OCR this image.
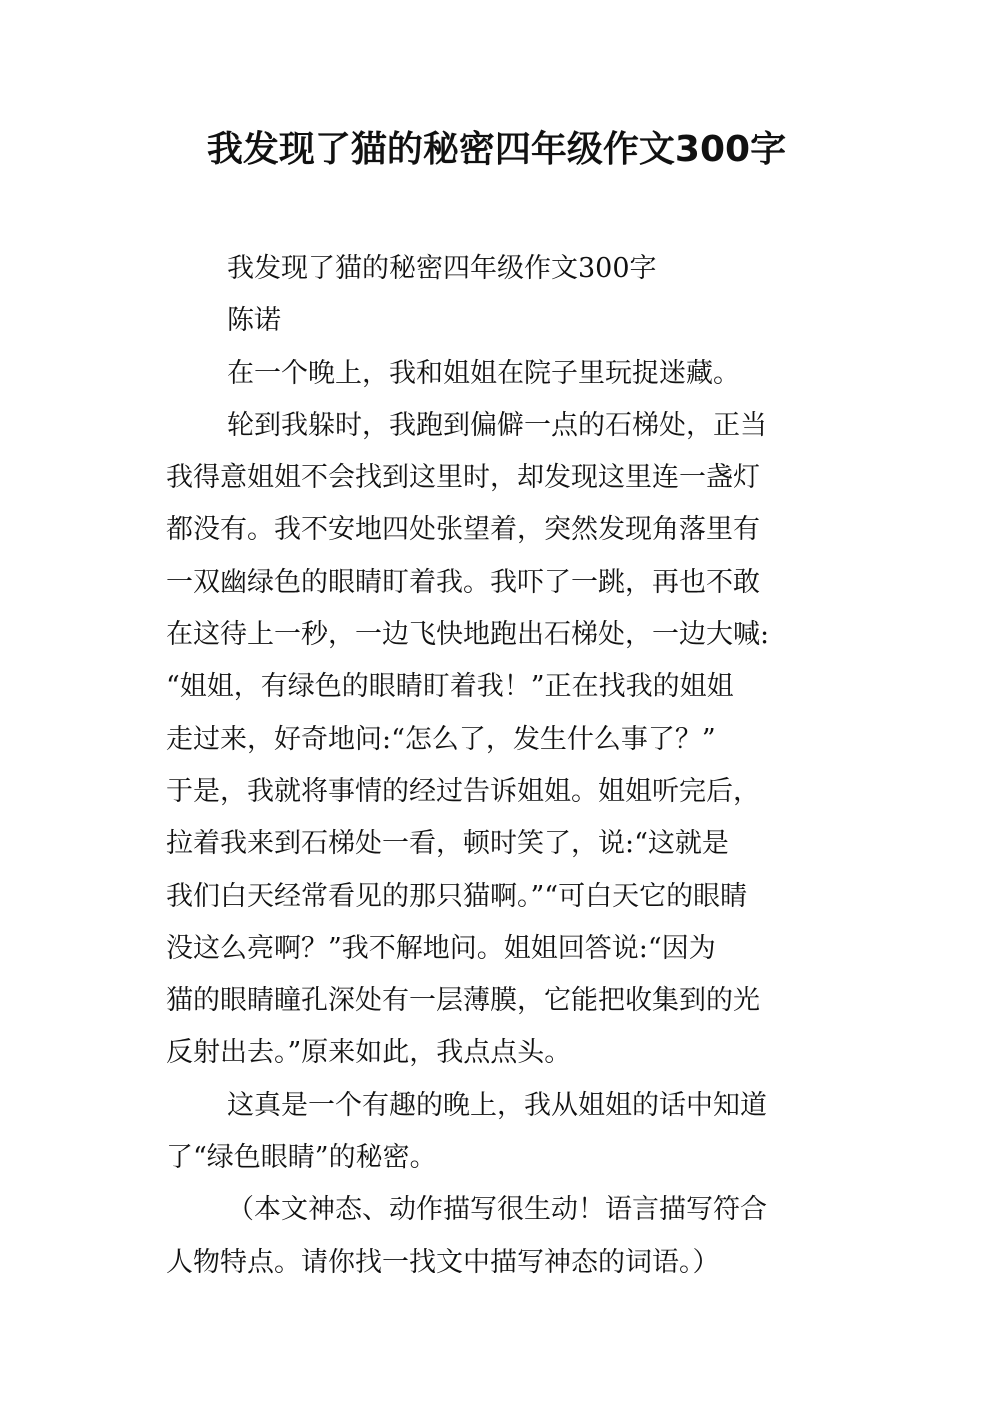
我发现了猫的秘密四年级作文300字

我发现了猫的秘密四年级作文300字

陈诺

在一个晚上，我和姐姐在院子里玩捉迷藏。

轮到我躲时，我跑到偏僻一点的石梯处，正当
我得意姐姐不会找到这里时，却发现这里连一盏灯
都没有。我不安地四处张望着，突然发现角落里有
一双幽绿色的眼睛盯着我。我吓了一跳，再也不敢
在这待上一秒，一边飞快地跑出石梯处，一边大喊:
“姐姐，有绿色的眼睛盯着我！”正在找我的姐姐
走过来，好奇地问:“怎么了，发生什么事了？”
于是，我就将事情的经过告诉姐姐。姐姐听完后，
拉着我来到石梯处一看，顿时笑了，说:“这就是
我们白天经常看见的那只猫啊。”“可白天它的眼睛
没这么亮啊？”我不解地问。姐姐回答说:“因为
猫的眼睛瞳孔深处有一层薄膜，它能把收集到的光
反射出去。”原来如此，我点点头。

这真是一个有趣的晚上，我从姐姐的话中知道
了“绿色眼睛”的秘密。

（本文神态、动作描写很生动！语言描写符合
人物特点。请你找一找文中描写神态的词语。）
